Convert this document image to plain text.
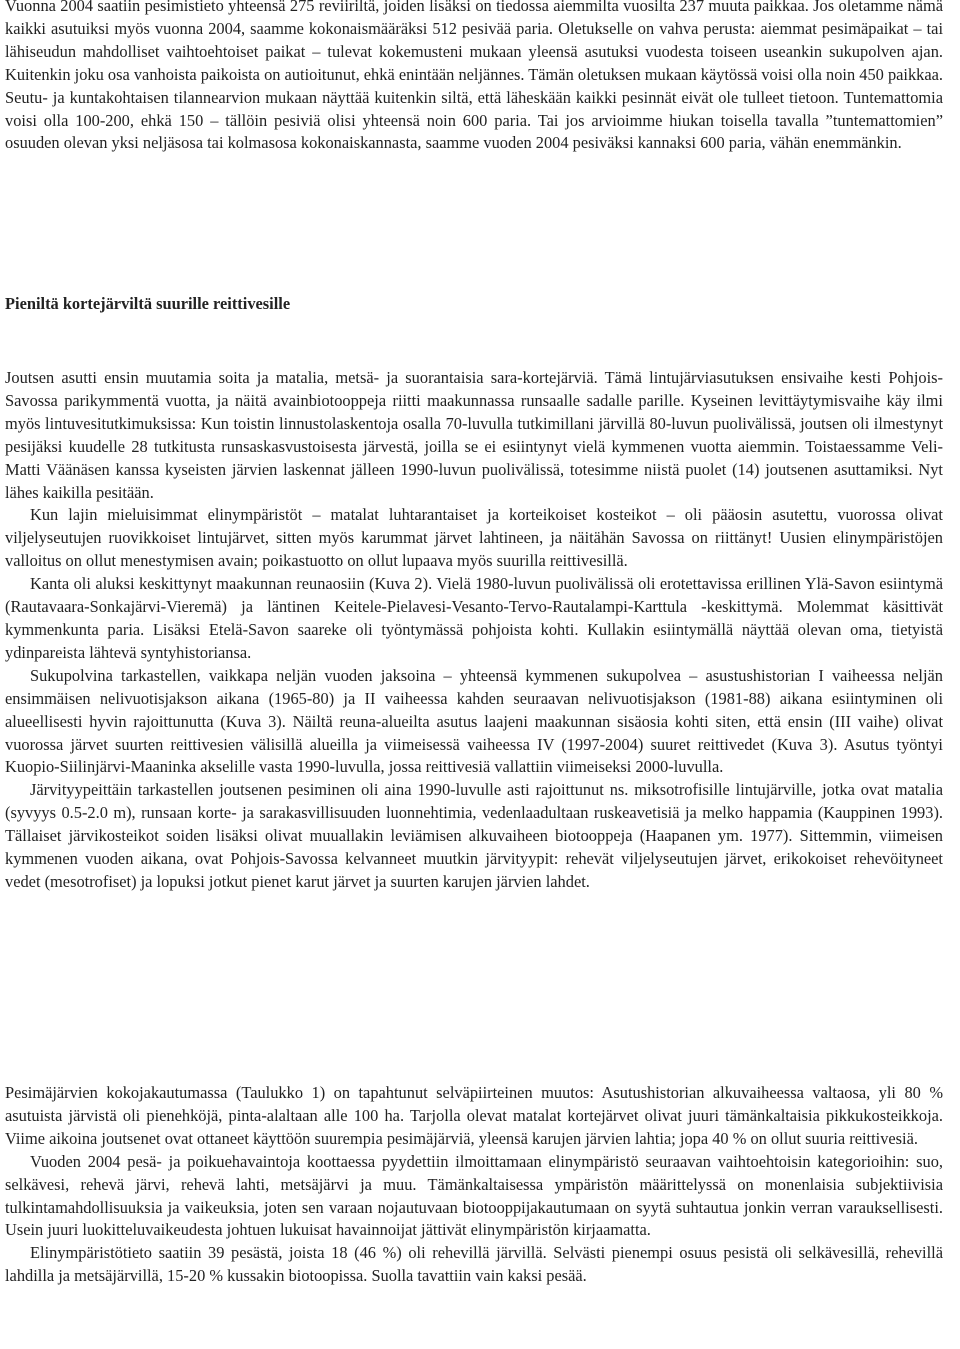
Vuonna 2004 saatiin pesimistieto yhteensä 275 reviiriltä, joiden lisäksi on tiedossa aiemmilta vuosilta 237 muuta paikkaa. Jos oletamme nämä kaikki asutuiksi myös vuonna 2004, saamme kokonaismääräksi 512 pesivää paria. Oletukselle on vahva perusta: aiemmat pesimäpaikat – tai lähiseudun mahdolliset vaihtoehtoiset paikat – tulevat kokemusteni mukaan yleensä asutuksi vuodesta toiseen useankin sukupolven ajan. Kuitenkin joku osa vanhoista paikoista on autioitunut, ehkä enintään neljännes. Tämän oletuksen mukaan käytössä voisi olla noin 450 paikkaa. Seutu- ja kuntakohtaisen tilannearvion mukaan näyttää kuitenkin siltä, että läheskään kaikki pesinnät eivät ole tulleet tietoon. Tuntemattomia voisi olla 100-200, ehkä 150 – tällöin pesiviä olisi yhteensä noin 600 paria. Tai jos arvioimme hiukan toisella tavalla ”tuntemattomien” osuuden olevan yksi neljäsosa tai kolmasosa kokonaiskannasta, saamme vuoden 2004 pesiväksi kannaksi 600 paria, vähän enemmänkin.

Pieniltä kortejärviltä suurille reittivesille

Joutsen asutti ensin muutamia soita ja matalia, metsä- ja suorantaisia sara-kortejärviä. Tämä lintujärviasutuksen ensivaihe kesti Pohjois-Savossa parikymmentä vuotta, ja näitä avainbiotooppeja riitti maakunnassa runsaalle sadalle parille. Kyseinen levittäytymisvaihe käy ilmi myös lintuvesitutkimuksissa: Kun toistin linnustolaskentoja osalla 70-luvulla tutkimillani järvillä 80-luvun puolivälissä, joutsen oli ilmestynyt pesijäksi kuudelle 28 tutkitusta runsaskasvustoisesta järvestä, joilla se ei esiintynyt vielä kymmenen vuotta aiemmin. Toistaessamme Veli-Matti Väänäsen kanssa kyseisten järvien laskennat jälleen 1990-luvun puolivälissä, totesimme niistä puolet (14) joutsenen asuttamiksi. Nyt lähes kaikilla pesitään.

Kun lajin mieluisimmat elinympäristöt – matalat luhtarantaiset ja korteikoiset kosteikot – oli pääosin asutettu, vuorossa olivat viljelyseutujen ruovikkoiset lintujärvet, sitten myös karummat järvet lahtineen, ja näitähän Savossa on riittänyt! Uusien elinympäristöjen valloitus on ollut menestymisen avain; poikastuotto on ollut lupaava myös suurilla reittivesillä.

Kanta oli aluksi keskittynyt maakunnan reunaosiin (Kuva 2). Vielä 1980-luvun puolivälissä oli erotettavissa erillinen Ylä-Savon esiintymä (Rautavaara-Sonkajärvi-Vieremä) ja läntinen Keitele-Pielavesi-Vesanto-Tervo-Rautalampi-Karttula -keskittymä. Molemmat käsittivät kymmenkunta paria. Lisäksi Etelä-Savon saareke oli työntymässä pohjoista kohti. Kullakin esiintymällä näyttää olevan oma, tietyistä ydinpareista lähtevä syntyhistoriansa.

Sukupolvina tarkastellen, vaikkapa neljän vuoden jaksoina – yhteensä kymmenen sukupolvea – asustushistorian I vaiheessa neljän ensimmäisen nelivuotisjakson aikana (1965-80) ja II vaiheessa kahden seuraavan nelivuotisjakson (1981-88) aikana esiintyminen oli alueellisesti hyvin rajoittunutta (Kuva 3). Näiltä reuna-alueilta asutus laajeni maakunnan sisäosia kohti siten, että ensin (III vaihe) olivat vuorossa järvet suurten reittivesien välisillä alueilla ja viimeisessä vaiheessa IV (1997-2004) suuret reittivedet (Kuva 3). Asutus työntyi Kuopio-Siilinjärvi-Maaninka akselille vasta 1990-luvulla, jossa reittivesiä vallattiin viimeiseksi 2000-luvulla.

Järvityypeittäin tarkastellen joutsenen pesiminen oli aina 1990-luvulle asti rajoittunut ns. miksotrofisille lintujärville, jotka ovat matalia (syvyys 0.5-2.0 m), runsaan korte- ja sarakasvillisuuden luonnehtimia, vedenlaadultaan ruskeavetisiä ja melko happamia (Kauppinen 1993). Tällaiset järvikosteikot soiden lisäksi olivat muuallakin leviämisen alkuvaiheen biotooppeja (Haapanen ym. 1977). Sittemmin, viimeisen kymmenen vuoden aikana, ovat Pohjois-Savossa kelvanneet muutkin järvityypit: rehevät viljelyseutujen järvet, erikokoiset rehevöityneet vedet (mesotrofiset) ja lopuksi jotkut pienet karut järvet ja suurten karujen järvien lahdet.

Pesimäjärvien kokojakautumassa (Taulukko 1) on tapahtunut selväpiirteinen muutos: Asutushistorian alkuvaiheessa valtaosa, yli 80 % asutuista järvistä oli pienehköjä, pinta-alaltaan alle 100 ha. Tarjolla olevat matalat kortejärvet olivat juuri tämänkaltaisia pikkukosteikkoja. Viime aikoina joutsenet ovat ottaneet käyttöön suurempia pesimäjärviä, yleensä karujen järvien lahtia; jopa 40 % on ollut suuria reittivesiä.

Vuoden 2004 pesä- ja poikuehavaintoja koottaessa pyydettiin ilmoittamaan elinympäristö seuraavan vaihtoehtoisin kategorioihin: suo, selkävesi, rehevä järvi, rehevä lahti, metsäjärvi ja muu. Tämänkaltaisessa ympäristön määrittelyssä on monenlaisia subjektiivisia tulkintamahdollisuuksia ja vaikeuksia, joten sen varaan nojautuvaan biotooppijakautumaan on syytä suhtautua jonkin verran varauksellisesti. Usein juuri luokitteluvaikeudesta johtuen lukuisat havainnoijat jättivät elinympäristön kirjaamatta.

Elinympäristötieto saatiin 39 pesästä, joista 18 (46 %) oli rehevillä järvillä. Selvästi pienempi osuus pesistä oli selkävesillä, rehevillä lahdilla ja metsäjärvillä, 15-20 % kussakin biotoopissa. Suolla tavattiin vain kaksi pesää.
